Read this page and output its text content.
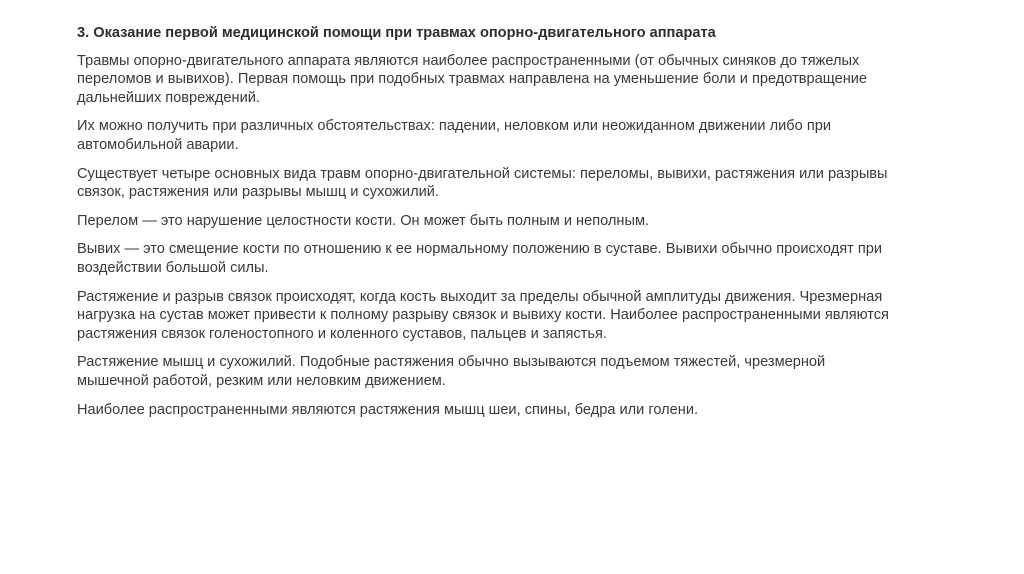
3. Оказание первой медицинской помощи при травмах опорно-двигательного аппарата

Травмы опорно-двигательного аппарата являются наиболее распространенными (от обычных синяков до тяжелых
переломов и вывихов). Первая помощь при подобных травмах направлена на уменьшение боли и предотвращение
дальнейших повреждений.

Их можно получить при различных обстоятельствах: падении, неловком или неожиданном движении либо при
автомобильной аварии.

Существует четыре основных вида травм опорно-двигательной системы: переломы, вывихи, растяжения или разрывы
связок, растяжения или разрывы мышц и сухожилий.

Перелом — это нарушение целостности кости. Он может быть полным и неполным.

Вывих — это смещение кости по отношению к ее нормальному положению в суставе. Вывихи обычно происходят при
воздействии большой силы.

Растяжение и разрыв связок происходят, когда кость выходит за пределы обычной амплитуды движения. Чрезмерная
нагрузка на сустав может привести к полному разрыву связок и вывиху кости. Наиболее распространенными являются
растяжения связок голеностопного и коленного суставов, пальцев и запястья.

Растяжение мышц и сухожилий. Подобные растяжения обычно вызываются подъемом тяжестей, чрезмерной
мышечной работой, резким или неловким движением.

Наиболее распространенными являются растяжения мышц шеи, спины, бедра или голени.
